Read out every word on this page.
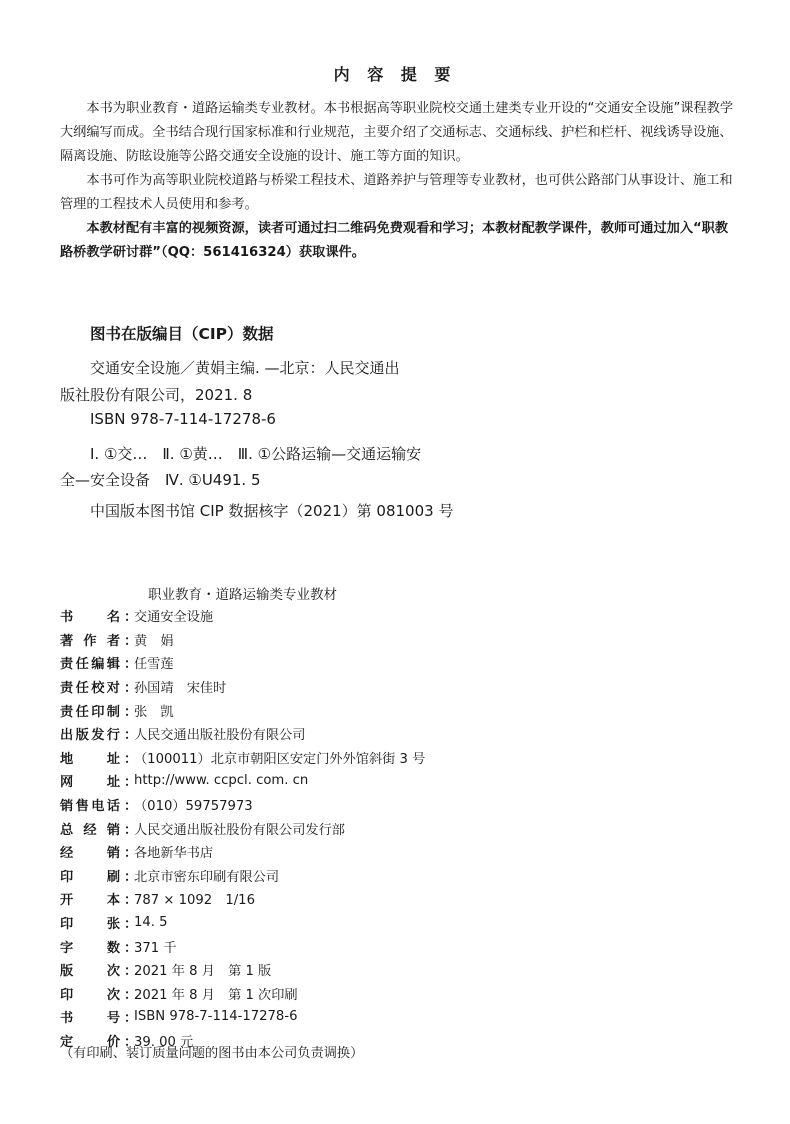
内 容 提 要

本书为职业教育・道路运输类专业教材。本书根据高等职业院校交通土建类专业开设的“交通安全设施”课程教学大纲编写而成。全书结合现行国家标准和行业规范，主要介绍了交通标志、交通标线、护栏和栏杆、视线诱导设施、隔离设施、防眩设施等公路交通安全设施的设计、施工等方面的知识。

本书可作为高等职业院校道路与桥梁工程技术、道路养护与管理等专业教材，也可供公路部门从事设计、施工和管理的工程技术人员使用和参考。

本教材配有丰富的视频资源，读者可通过扫二维码免费观看和学习；本教材配教学课件，教师可通过加入“职教路桥教学研讨群”（QQ：561416324）获取课件。

图书在版编目（CIP）数据
交通安全设施／黄娟主编. —北京：人民交通出
版社股份有限公司，2021. 8
ISBN 978-7-114-17278-6
Ⅰ. ①交…　Ⅱ. ①黄…　Ⅲ. ①公路运输—交通运输安
全—安全设备　Ⅳ. ①U491. 5
中国版本图书馆 CIP 数据核字（2021）第 081003 号
职业教育・道路运输类专业教材
书	名 ：
交通安全设施
著 作 者 ：
黄　娟
责 任 编 辑 ：
任雪莲
责 任 校 对 ：
孙国靖　宋佳时
责 任 印 制 ：
张　凯
出 版 发 行 ：
人民交通出版社股份有限公司
地	址 ：
（100011）北京市朝阳区安定门外外馆斜街 3 号
网	址 ：
http://www. ccpcl. com. cn
销 售 电 话 ：
（010）59757973
总 经 销 ：
人民交通出版社股份有限公司发行部
经	销 ：
各地新华书店
印	刷 ：
北京市密东印刷有限公司
开	本 ：
787 × 1092　1/16
印	张 ：
14. 5
字	数 ：
371 千
版	次 ：
2021 年 8 月　第 1 版
印	次 ：
2021 年 8 月　第 1 次印刷
书	号 ：
ISBN 978-7-114-17278-6
定	价 ：
39. 00 元
（有印刷、装订质量问题的图书由本公司负责调换）
